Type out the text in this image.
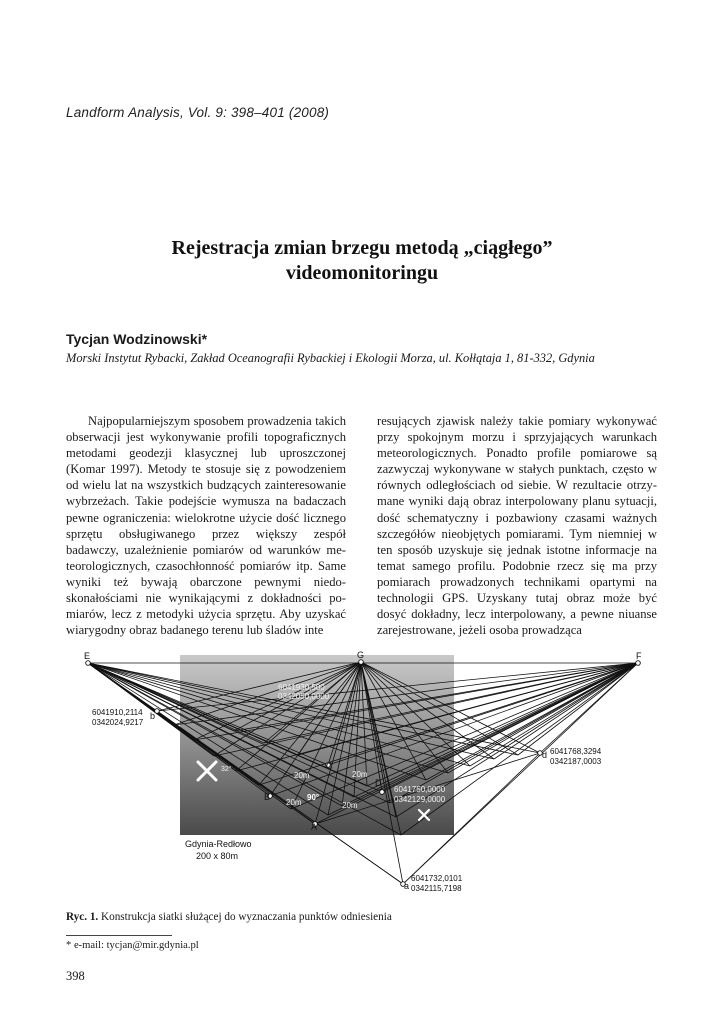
Landform Analysis, Vol. 9: 398–401 (2008)
Rejestracja zmian brzegu metodą „ciągłego”
videomonitoringu
Tycjan Wodzinowski*
Morski Instytut Rybacki, Zakład Oceanografii Rybackiej i Ekologii Morza, ul. Kołłątaja 1, 81-332, Gdynia
Najpopularniejszym sposobem prowadzenia takich obserwacji jest wykonywanie profili topograficznych metodami geodezji klasycznej lub uproszczonej (Komar 1997). Metody te stosuje się z powodzeniem od wielu lat na wszystkich budzących zainteresowanie wybrzeżach. Takie podejście wymusza na badaczach pewne ograniczenia: wielokrotne użycie dość licznego sprzętu obsługiwanego przez większy zespół badawczy, uzależnienie pomiarów od warunków meteorologicznych, czasochłonność pomiarów itp. Same wyniki też bywają obarczone pewnymi niedoskonałościami nie wynikającymi z dokładności pomiarów, lecz z metodyki użycia sprzętu. Aby uzyskać wiarygodny obraz badanego terenu lub śladów inte
resujących zjawisk należy takie pomiary wykonywać przy spokojnym morzu i sprzyjających warunkach meteorologicznych. Ponadto profile pomiarowe są zazwyczaj wykonywane w stałych punktach, często w równych odległościach od siebie. W rezultacie otrzymane wyniki dają obraz interpolowany planu sytuacji, dość schematyczny i pozbawiony czasami ważnych szczegółów nieobjętych pomiarami. Tym niemniej w ten sposób uzyskuje się jednak istotne informacje na temat samego profilu. Podobnie rzecz się ma przy pomiarach prowadzonych technikami opartymi na technologii GPS. Uzyskany tutaj obraz może być dosyć dokładny, lecz interpolowany, a pewne niuanse zarejestrowane, jeżeli osoba prowadząca
E	G	F
A
B
C
D
a
b
d
6041930,500
0342050,0000
6041750,0000
0342129,0000
20m	20m
20m	20m
32°
90°
6041910,2114
0342024,9217
6041768,3294
0342187,0003
6041732,0101
0342115,7198
Gdynia-Redłowo
200 x 80m
Ryc. 1. Konstrukcja siatki służącej do wyznaczania punktów odniesienia
* e-mail: tycjan@mir.gdynia.pl
398
